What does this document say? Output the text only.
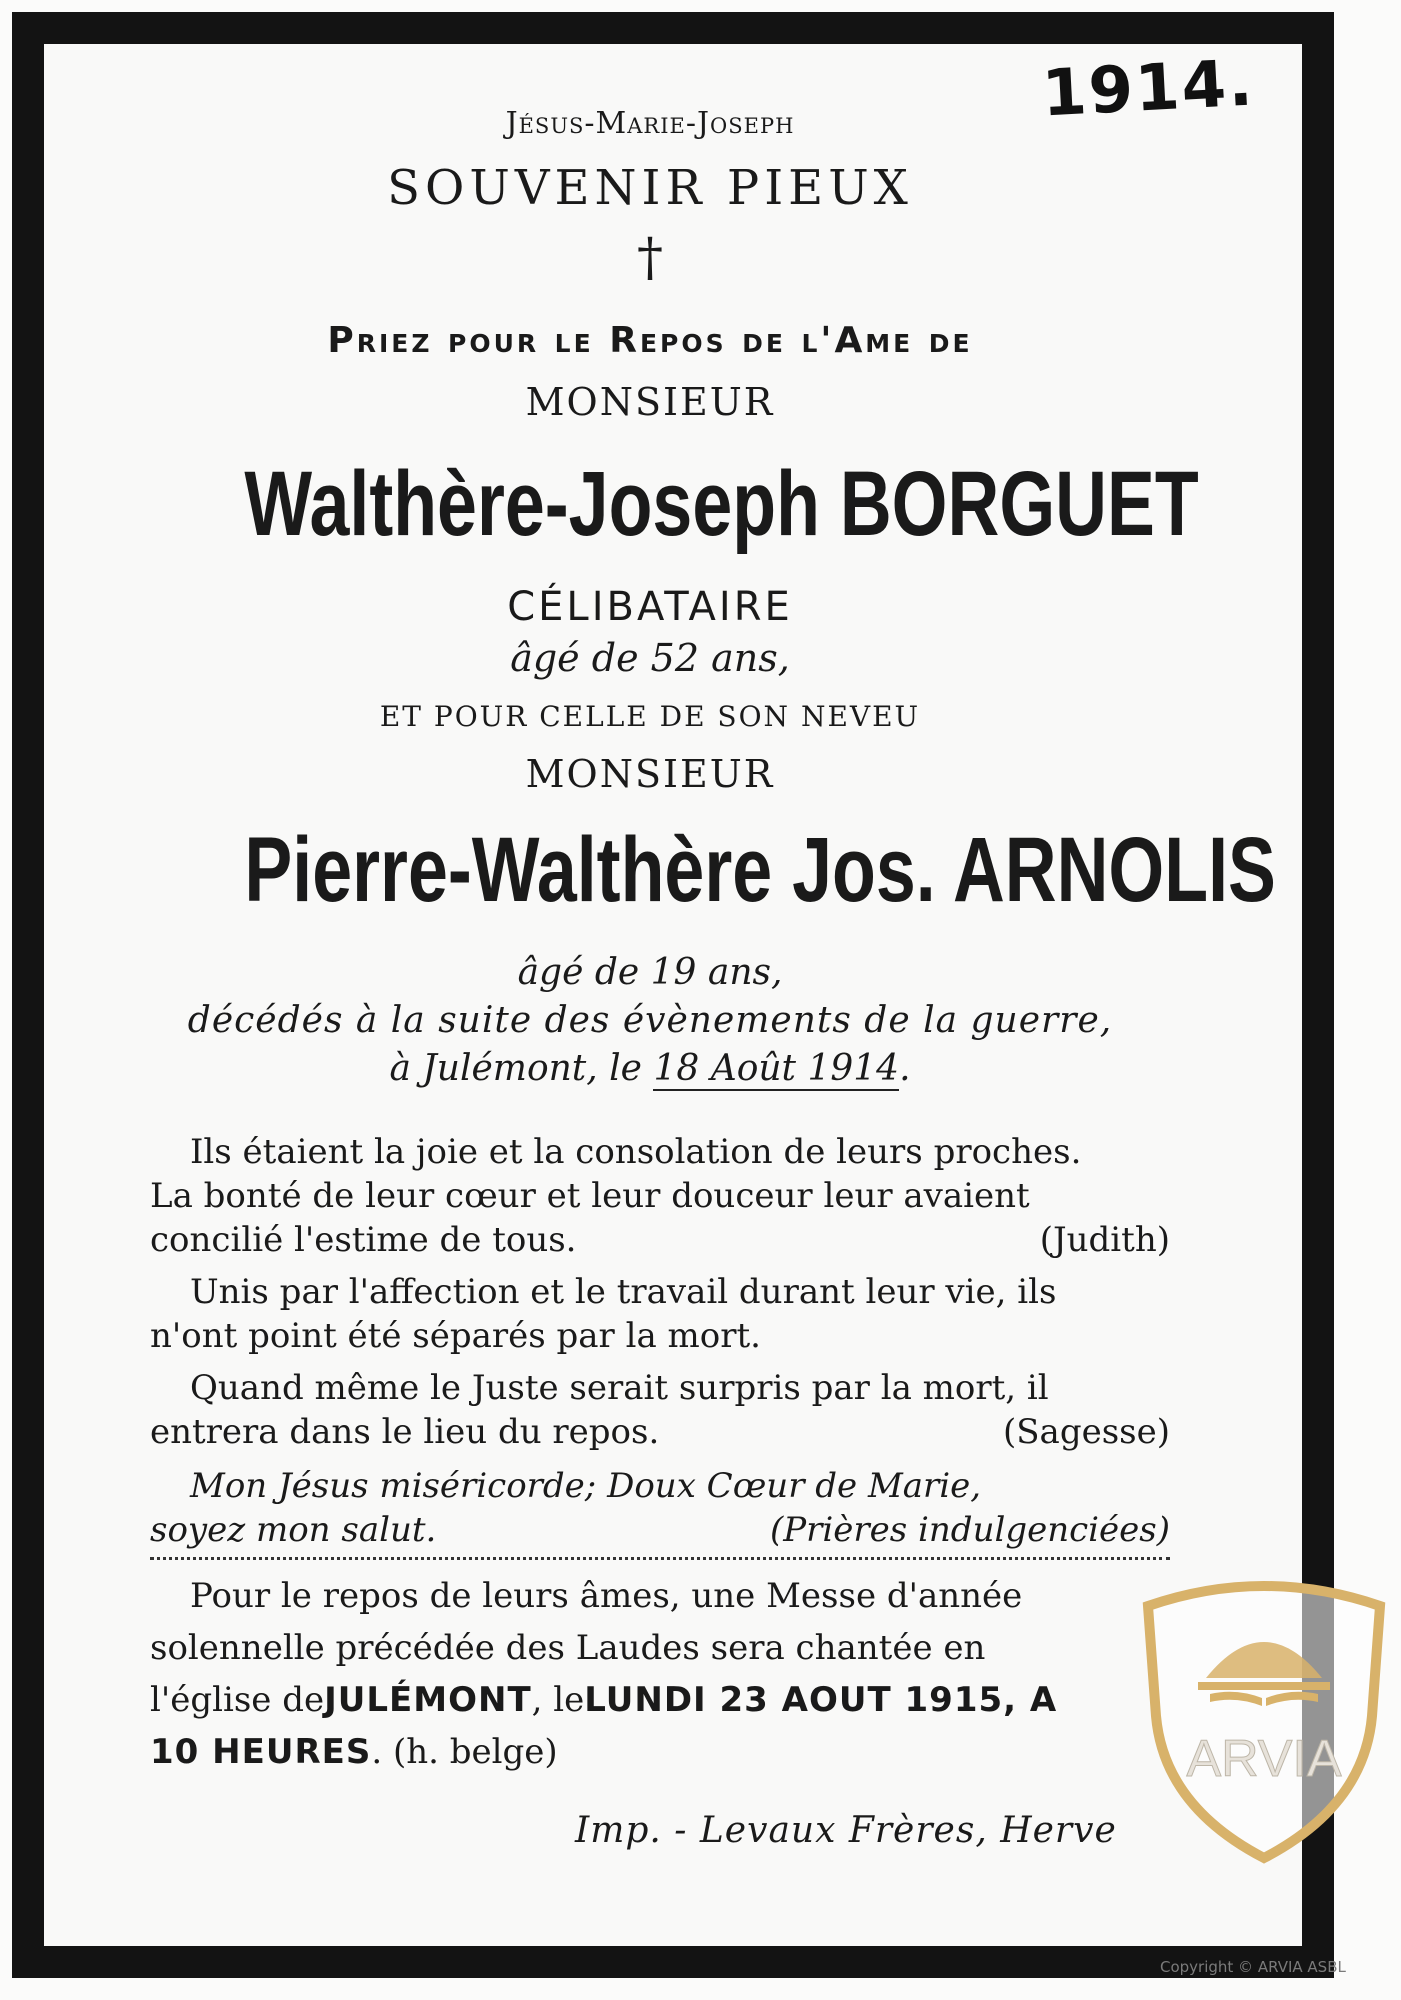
1914.
Jésus-Marie-Joseph
SOUVENIR PIEUX
†
Priez pour le Repos de l'Ame de
MONSIEUR
Walthère-Joseph BORGUET
CÉLIBATAIRE
âgé de 52 ans,
ET POUR CELLE DE SON NEVEU
MONSIEUR
Pierre-Walthère Jos. ARNOLIS
âgé de 19 ans,
décédés à la suite des évènements de la guerre,
à Julémont, le 18 Août 1914.
Ils étaient la joie et la consolation de leurs proches.
La bonté de leur cœur et leur douceur leur avaient
concilié l'estime de tous.	(Judith)
Unis par l'affection et le travail durant leur vie, ils
n'ont point été séparés par la mort.
Quand même le Juste serait surpris par la mort, il
entrera dans le lieu du repos.	(Sagesse)
Mon Jésus miséricorde; Doux Cœur de Marie,
soyez mon salut.	(Prières indulgenciées)
Pour le repos de leurs âmes, une Messe d'année
solennelle précédée des Laudes sera chantée en
l'église de JULÉMONT , le LUNDI 23 AOUT 1915 , A
10 HEURES . (h. belge)
Imp. - Levaux Frères, Herve
ARVIA
Copyright © ARVIA ASBL
